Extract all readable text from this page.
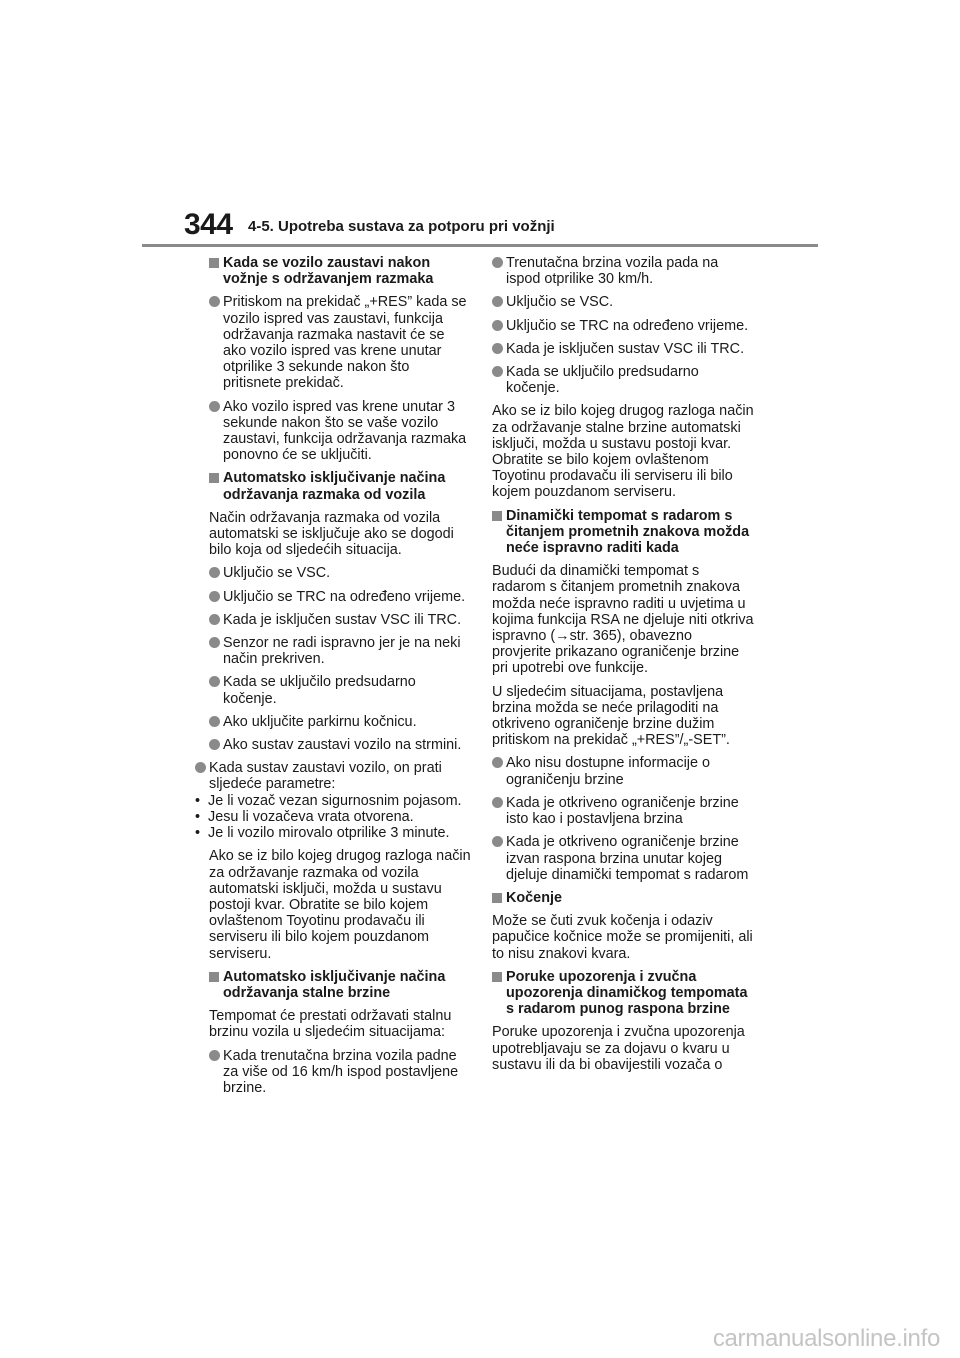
344 4-5. Upotreba sustava za potporu pri vožnji
Kada se vozilo zaustavi nakon vožnje s održavanjem razmaka
Pritiskom na prekidač „+RES” kada se vozilo ispred vas zaustavi, funkcija održavanja razmaka nastavit će se ako vozilo ispred vas krene unutar otprilike 3 sekunde nakon što pritisnete prekidač.
Ako vozilo ispred vas krene unutar 3 sekunde nakon što se vaše vozilo zaustavi, funkcija održavanja razmaka ponovno će se uključiti.
Automatsko isključivanje načina održavanja razmaka od vozila
Način održavanja razmaka od vozila automatski se isključuje ako se dogodi bilo koja od sljedećih situacija.
Uključio se VSC.
Uključio se TRC na određeno vrijeme.
Kada je isključen sustav VSC ili TRC.
Senzor ne radi ispravno jer je na neki način prekriven.
Kada se uključilo predsudarno kočenje.
Ako uključite parkirnu kočnicu.
Ako sustav zaustavi vozilo na strmini.
Kada sustav zaustavi vozilo, on prati sljedeće parametre:
• Je li vozač vezan sigurnosnim pojasom.
• Jesu li vozačeva vrata otvorena.
• Je li vozilo mirovalo otprilike 3 minute.
Ako se iz bilo kojeg drugog razloga način za održavanje razmaka od vozila automatski isključi, možda u sustavu postoji kvar. Obratite se bilo kojem ovlaštenom Toyotinu prodavaču ili serviseru ili bilo kojem pouzdanom serviseru.
Automatsko isključivanje načina održavanja stalne brzine
Tempomat će prestati održavati stalnu brzinu vozila u sljedećim situacijama:
Kada trenutačna brzina vozila padne za više od 16 km/h ispod postavljene brzine.
Trenutačna brzina vozila pada na ispod otprilike 30 km/h.
Uključio se VSC.
Uključio se TRC na određeno vrijeme.
Kada je isključen sustav VSC ili TRC.
Kada se uključilo predsudarno kočenje.
Ako se iz bilo kojeg drugog razloga način za održavanje stalne brzine automatski isključi, možda u sustavu postoji kvar. Obratite se bilo kojem ovlaštenom Toyotinu prodavaču ili serviseru ili bilo kojem pouzdanom serviseru.
Dinamički tempomat s radarom s čitanjem prometnih znakova možda neće ispravno raditi kada
Budući da dinamički tempomat s radarom s čitanjem prometnih znakova možda neće ispravno raditi u uvjetima u kojima funkcija RSA ne djeluje niti otkriva ispravno (→str. 365), obavezno provjerite prikazano ograničenje brzine pri upotrebi ove funkcije.
U sljedećim situacijama, postavljena brzina možda se neće prilagoditi na otkriveno ograničenje brzine dužim pritiskom na prekidač „+RES”/„-SET”.
Ako nisu dostupne informacije o ograničenju brzine
Kada je otkriveno ograničenje brzine isto kao i postavljena brzina
Kada je otkriveno ograničenje brzine izvan raspona brzina unutar kojeg djeluje dinamički tempomat s radarom
Kočenje
Može se čuti zvuk kočenja i odaziv papučice kočnice može se promijeniti, ali to nisu znakovi kvara.
Poruke upozorenja i zvučna upozorenja dinamičkog tempomata s radarom punog raspona brzine
Poruke upozorenja i zvučna upozorenja upotrebljavaju se za dojavu o kvaru u sustavu ili da bi obavijestili vozača o
carmanualsonline.info
